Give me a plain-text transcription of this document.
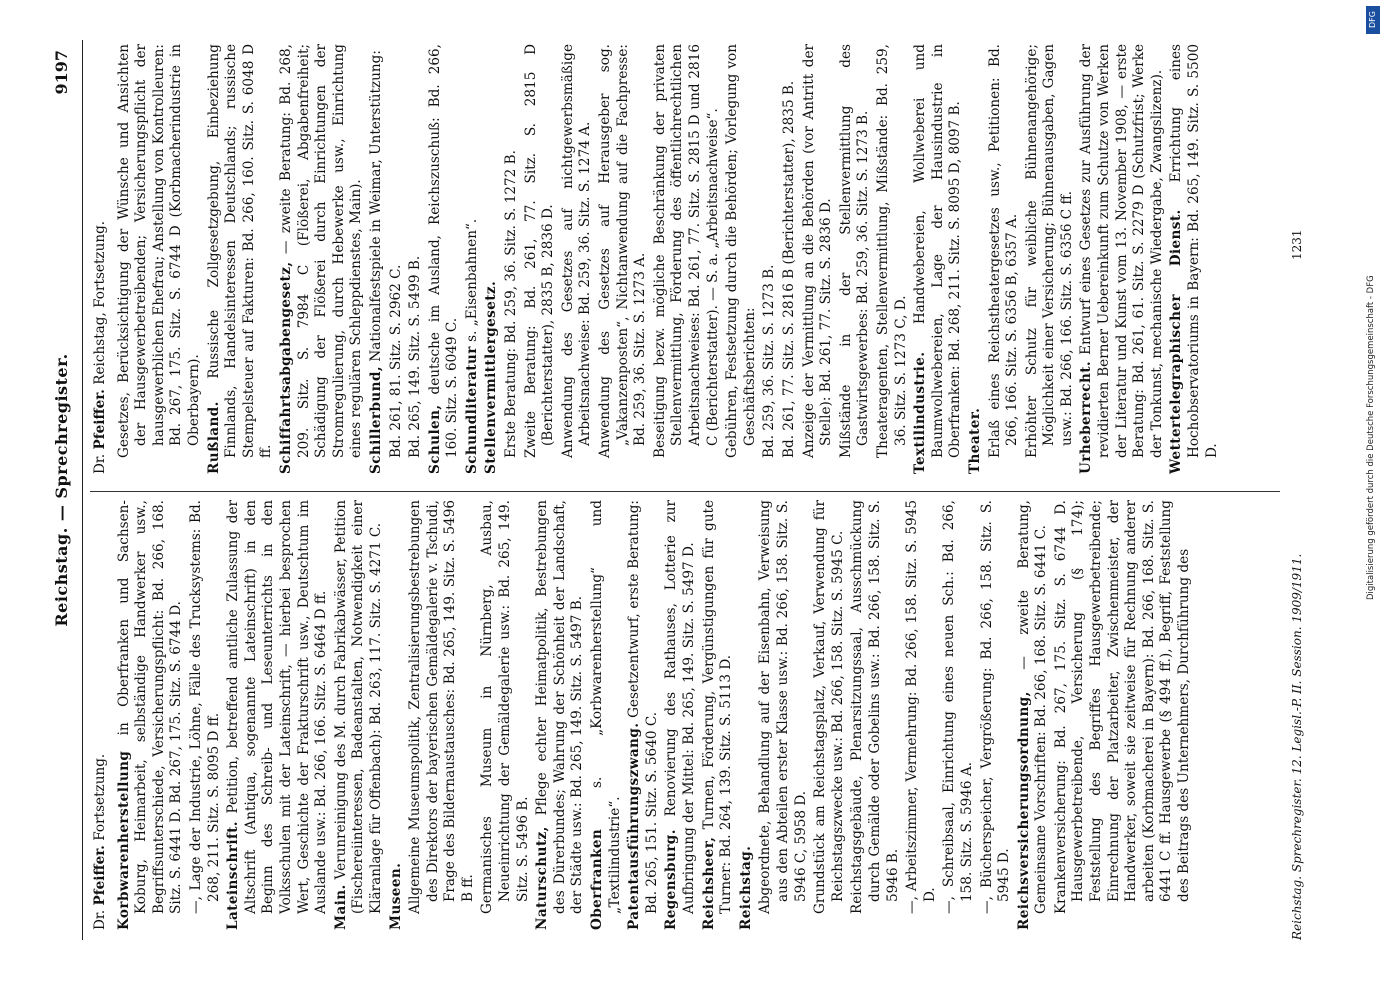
Reichstag. — Sprechregister.
9197
Dr. Pfeiffer. Fortsetzung. Korbwarenherstellung in Oberfranken und Sachsen-Koburg, Heimarbeit, selbständige Handwerker usw., Begriffsunterschiede, Versicherungspflicht: Bd. 266, 168. Sitz. S. 6441 D. Bd. 267, 175. Sitz. S. 6744 D. —, Lage der Industrie, Löhne, Fälle des Trucksystems: Bd. 268, 211. Sitz. S. 8095 D ff. Lateinschrift. Petition, betreffend amtliche Zulassung der Altschrift (Antiqua, sogenannte Lateinschrift) in den Beginn des Schreib- und Leseunterrichts in den Volksschulen mit der Lateinschrift, — hierbei besprochen Wert, Geschichte der Frakturschrift usw., Deutschtum im Auslande usw.: Bd. 266, 166. Sitz. S. 6464 D ff. Main. Verunreinigung des M. durch Fabrikabwässer, Petition (Fischereiinteressen, Badeanstalten, Notwendigkeit einer Kläranlage für Offenbach): Bd. 263, 117. Sitz. S. 4271 C. Museen. Allgemeine Museumspolitik, Zentralisierungsbestrebungen des Direktors der bayerischen Gemäldegalerie v. Tschudi, Frage des Bildernaustausches: Bd. 265, 149. Sitz. S. 5496 B ff. Germanisches Museum in Nürnberg, Ausbau, Neueinrichtung der Gemäldegalerie usw.: Bd. 265, 149. Sitz. S. 5496 B. Naturschutz, Pflege echter Heimatpolitik, Bestrebungen des Dürerbundes; Wahrung der Schönheit der Landschaft, der Städte usw.: Bd. 265, 149. Sitz. S. 5497 B. Oberfranken s. „Korbwarenherstellung“ und „Textilindustrie“. Patentausführungszwang. Gesetzentwurf, erste Beratung: Bd. 265, 151. Sitz. S. 5640 C. Regensburg. Renovierung des Rathauses, Lotterie zur Aufbringung der Mittel: Bd. 265, 149. Sitz. S. 5497 D. Reichsheer, Turnen, Förderung, Vergünstigungen für gute Turner: Bd. 264, 139. Sitz. S. 5113 D. Reichstag. Abgeordnete, Behandlung auf der Eisenbahn, Verweisung aus den Abteilen erster Klasse usw.: Bd. 266, 158. Sitz. S. 5946 C, 5958 D. Grundstück am Reichstagsplatz, Verkauf, Verwendung für Reichstagszwecke usw.: Bd. 266, 158. Sitz. S. 5945 C. Reichstagsgebäude, Plenarsitzungssaal, Ausschmückung durch Gemälde oder Gobelins usw.: Bd. 266, 158. Sitz. S. 5946 B. —, Arbeitszimmer, Vermehrung: Bd. 266, 158. Sitz. S. 5945 D. —, Schreibsaal, Einrichtung eines neuen Sch.: Bd. 266, 158. Sitz. S. 5946 A. —, Bücherspeicher, Vergrößerung: Bd. 266, 158. Sitz. S. 5945 D. Reichsversicherungsordnung, — zweite Beratung, Gemeinsame Vorschriften: Bd. 266, 168. Sitz. S. 6441 C. Krankenversicherung: Bd. 267, 175. Sitz. S. 6744 D. Hausgewerbetreibende, Versicherung (§ 174); Feststellung des Begriffes Hausgewerbetreibende; Einrechnung der Platzarbeiter, Zwischenmeister, der Handwerker, soweit sie zeitweise für Rechnung anderer arbeiten (Korbmacherei in Bayern): Bd. 266, 168. Sitz. S. 6441 C ff. Hausgewerbe (§ 494 ff.), Begriff, Feststellung des Beitrags des Unternehmers, Durchführung des
Dr. Pfeiffer. Reichstag, Fortsetzung. Gesetzes, Berücksichtigung der Wünsche und Ansichten der Hausgewerbetreibenden; Versicherungspflicht der hausgewerblichen Ehefrau; Anstellung von Kontrolleuren: Bd. 267, 175. Sitz. S. 6744 D (Korbmacherindustrie in Oberbayern). Rußland. Russische Zollgesetzgebung, Einbeziehung Finnlands, Handelsinteressen Deutschlands; russische Stempelsteuer auf Fakturen: Bd. 266, 160. Sitz. S. 6048 D ff. Schiffahrtsabgabengesetz, — zweite Beratung: Bd. 268, 209. Sitz. S. 7984 C (Flößerei, Abgabenfreiheit; Schädigung der Flößerei durch Einrichtungen der Stromregulierung, durch Hebewerke usw., Einrichtung eines regulären Schleppdienstes, Main). Schillerbund, Nationalfestspiele in Weimar, Unterstützung: Bd. 261, 81. Sitz. S. 2962 C. Bd. 265, 149. Sitz. S. 5499 B. Schulen, deutsche im Ausland, Reichszuschuß: Bd. 266, 160. Sitz. S. 6049 C. Schundliteratur s. „Eisenbahnen“. Stellenvermittlergesetz. Erste Beratung: Bd. 259, 36. Sitz. S. 1272 B. Zweite Beratung: Bd. 261, 77. Sitz. S. 2815 D (Berichterstatter), 2835 B, 2836 D. Anwendung des Gesetzes auf nichtgewerbsmäßige Arbeitsnachweise: Bd. 259, 36. Sitz. S. 1274 A. Anwendung des Gesetzes auf Herausgeber sog. „Vakanzenposten“, Nichtanwendung auf die Fachpresse: Bd. 259, 36. Sitz. S. 1273 A. Beseitigung bezw. mögliche Beschränkung der privaten Stellenvermittlung, Förderung des öffentlichrechtlichen Arbeitsnachweises: Bd. 261, 77. Sitz. S. 2815 D und 2816 C (Berichterstatter). — S. a. „Arbeitsnachweise“. Gebühren, Festsetzung durch die Behörden; Vorlegung von Geschäftsberichten: Bd. 259, 36. Sitz. S. 1273 B. Bd. 261, 77. Sitz. S. 2816 B (Berichterstatter), 2835 B. Anzeige der Vermittlung an die Behörden (vor Antritt der Stelle): Bd. 261, 77. Sitz. S. 2836 D. Mißstände in der Stellenvermittlung des Gastwirtsgewerbes: Bd. 259, 36. Sitz. S. 1273 B. Theateragenten, Stellenvermittlung, Mißstände: Bd. 259, 36. Sitz. S. 1273 C, D. Textilindustrie. Handwebereien, Wollweberei und Baumwollwebereien, Lage der Hausindustrie in Oberfranken: Bd. 268, 211. Sitz. S. 8095 D, 8097 B. Theater. Erlaß eines Reichstheatergesetzes usw., Petitionen: Bd. 266, 166. Sitz. S. 6356 B, 6357 A. Erhöhter Schutz für weibliche Bühnenangehörige; Möglichkeit einer Versicherung; Bühnenausgaben, Gagen usw.: Bd. 266, 166. Sitz. S. 6356 C ff. Urheberrecht. Entwurf eines Gesetzes zur Ausführung der revidierten Berner Uebereinkunft zum Schutze von Werken der Literatur und Kunst vom 13. November 1908, — erste Beratung: Bd. 261, 61. Sitz. S. 2279 D (Schutzfrist; Werke der Tonkunst, mechanische Wiedergabe, Zwangslizenz). Wettertelegraphischer Dienst. Errichtung eines Hochobservatoriums in Bayern: Bd. 265, 149. Sitz. S. 5500 D.
Reichstag. Sprechregister. 12. Legisl.-P. II. Session. 1909/1911.
1231
DFG
Digitalisierung gefördert durch die Deutsche Forschungsgemeinschaft - DFG
